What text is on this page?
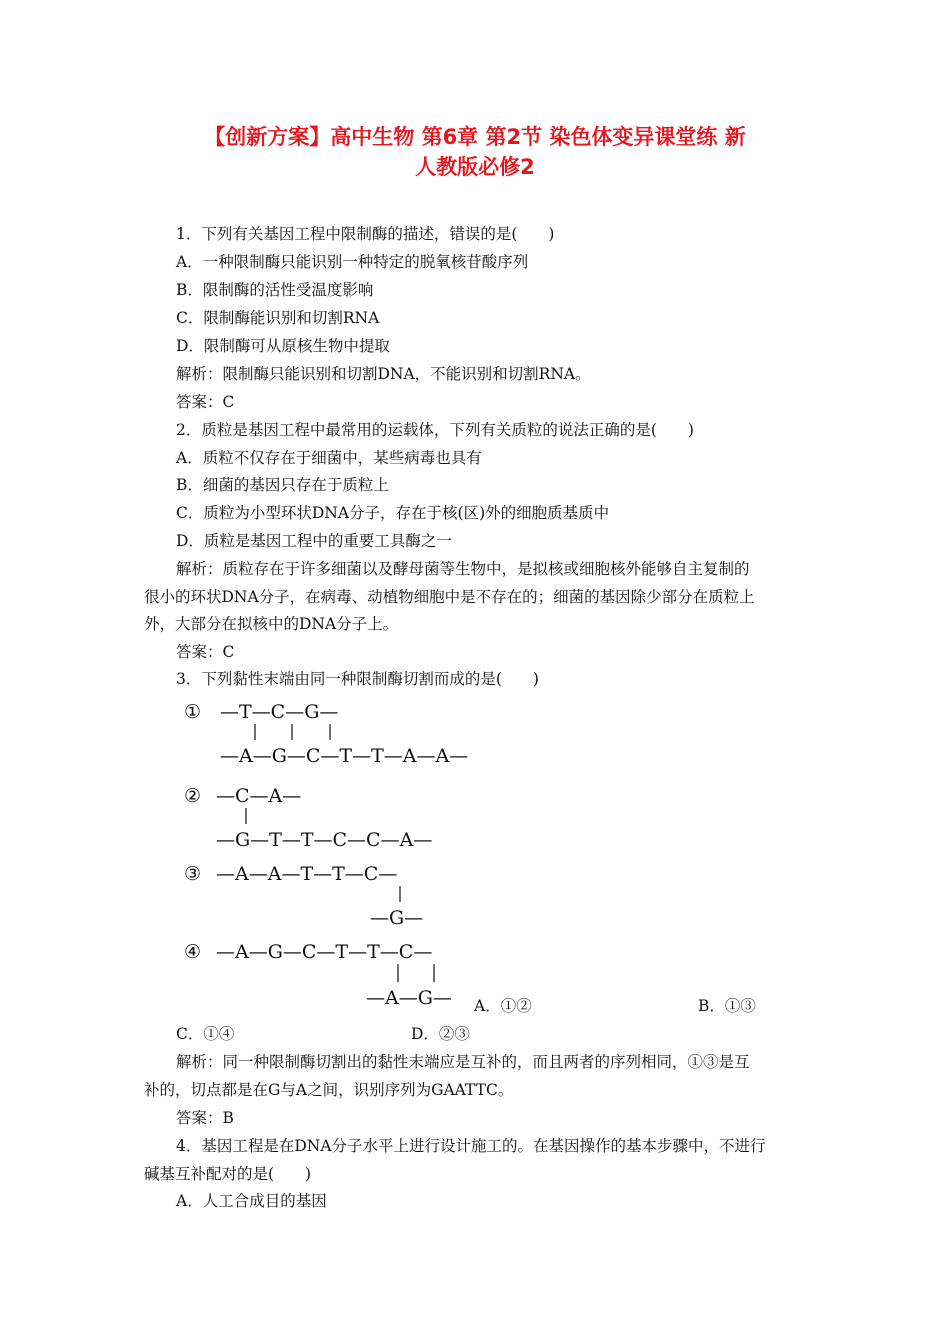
【创新方案】高中生物 第6章 第2节 染色体变异课堂练 新
人教版必修2
1．下列有关基因工程中限制酶的描述，错误的是(　　)
A．一种限制酶只能识别一种特定的脱氧核苷酸序列
B．限制酶的活性受温度影响
C．限制酶能识别和切割RNA
D．限制酶可从原核生物中提取
解析：限制酶只能识别和切割DNA，不能识别和切割RNA。
答案：C
2．质粒是基因工程中最常用的运载体，下列有关质粒的说法正确的是(　　)
A．质粒不仅存在于细菌中，某些病毒也具有
B．细菌的基因只存在于质粒上
C．质粒为小型环状DNA分子，存在于核(区)外的细胞质基质中
D．质粒是基因工程中的重要工具酶之一
解析：质粒存在于许多细菌以及酵母菌等生物中，是拟核或细胞核外能够自主复制的
很小的环状DNA分子，在病毒、动植物细胞中是不存在的；细菌的基因除少部分在质粒上
外，大部分在拟核中的DNA分子上。
答案：C
3．下列黏性末端由同一种限制酶切割而成的是(　　)
① —T—C—G—
—A—G—C—T—T—A—A—
② —C—A—
—G—T—T—C—C—A—
③ —A—A—T—T—C—
—G—
④ —A—G—C—T—T—C—
—A—G— A．①②	B．①③
C．①④	D．②③
解析：同一种限制酶切割出的黏性末端应是互补的，而且两者的序列相同，①③是互
补的，切点都是在G与A之间，识别序列为GAATTC。
答案：B
4．基因工程是在DNA分子水平上进行设计施工的。在基因操作的基本步骤中，不进行
碱基互补配对的是(　　)
A．人工合成目的基因
